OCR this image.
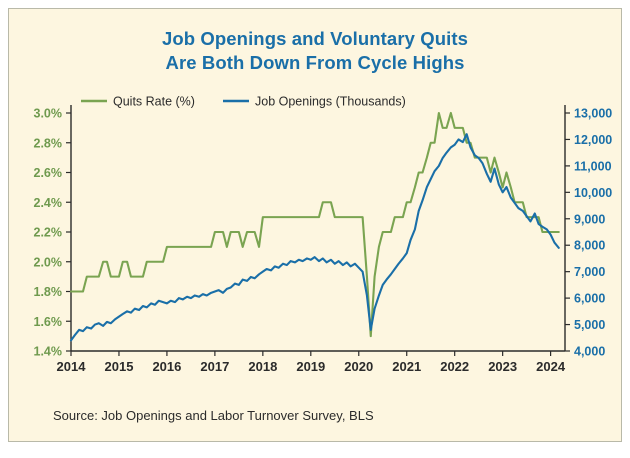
Job Openings and Voluntary Quits
Are Both Down From Cycle Highs
Quits Rate (%)	Job Openings (Thousands)
1.4%
1.6%
1.8%
2.0%
2.2%
2.4%
2.6%
2.8%
3.0%
4,000
5,000
6,000
7,000
8,000
9,000
10,000
11,000
12,000
13,000
2014 2015 2016 2017 2018 2019 2020 2021 2022 2023 2024
Source: Job Openings and Labor Turnover Survey, BLS
